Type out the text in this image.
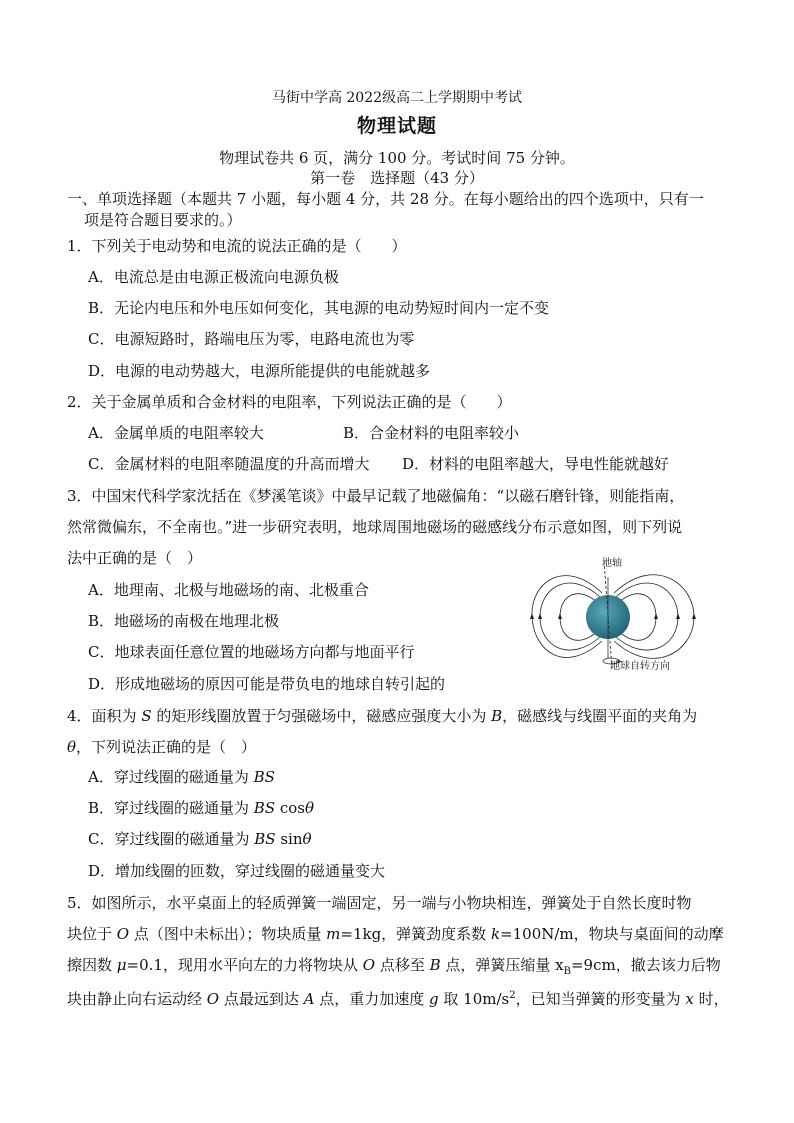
马街中学高 2022级高二上学期期中考试
物理试题
物理试卷共 6 页，满分 100 分。考试时间 75 分钟。
第一卷　选择题（43 分）
一、单项选择题（本题共 7 小题，每小题 4 分，共 28 分。在每小题给出的四个选项中，只有一
项是符合题目要求的。）
1．下列关于电动势和电流的说法正确的是（　　）
A．电流总是由电源正极流向电源负极
B．无论内电压和外电压如何变化，其电源的电动势短时间内一定不变
C．电源短路时，路端电压为零，电路电流也为零
D．电源的电动势越大，电源所能提供的电能就越多
2．关于金属单质和合金材料的电阻率，下列说法正确的是（　　）
A．金属单质的电阻率较大	B．合金材料的电阻率较小
C．金属材料的电阻率随温度的升高而增大 D．材料的电阻率越大，导电性能就越好
3．中国宋代科学家沈括在《梦溪笔谈》中最早记载了地磁偏角：“以磁石磨针锋，则能指南，
然常微偏东，不全南也。”进一步研究表明，地球周围地磁场的磁感线分布示意如图，则下列说
法中正确的是（　）
A．地理南、北极与地磁场的南、北极重合
B．地磁场的南极在地理北极
C．地球表面任意位置的地磁场方向都与地面平行
D．形成地磁场的原因可能是带负电的地球自转引起的
地轴
地球自转方向
4．面积为 S 的矩形线圈放置于匀强磁场中，磁感应强度大小为 B，磁感线与线圈平面的夹角为
θ，下列说法正确的是（　）
A．穿过线圈的磁通量为 BS
B．穿过线圈的磁通量为 BS cosθ
C．穿过线圈的磁通量为 BS sinθ
D．增加线圈的匝数，穿过线圈的磁通量变大
5．如图所示，水平桌面上的轻质弹簧一端固定，另一端与小物块相连，弹簧处于自然长度时物
块位于 O 点（图中未标出）；物块质量 m=1kg，弹簧劲度系数 k=100N/m，物块与桌面间的动摩
擦因数 μ=0.1，现用水平向左的力将物块从 O 点移至 B 点，弹簧压缩量 $x_B=9cm$，撤去该力后物
块由静止向右运动经 O 点最远到达 A 点，重力加速度 g 取 $10m/s^2$，已知当弹簧的形变量为 x 时，
